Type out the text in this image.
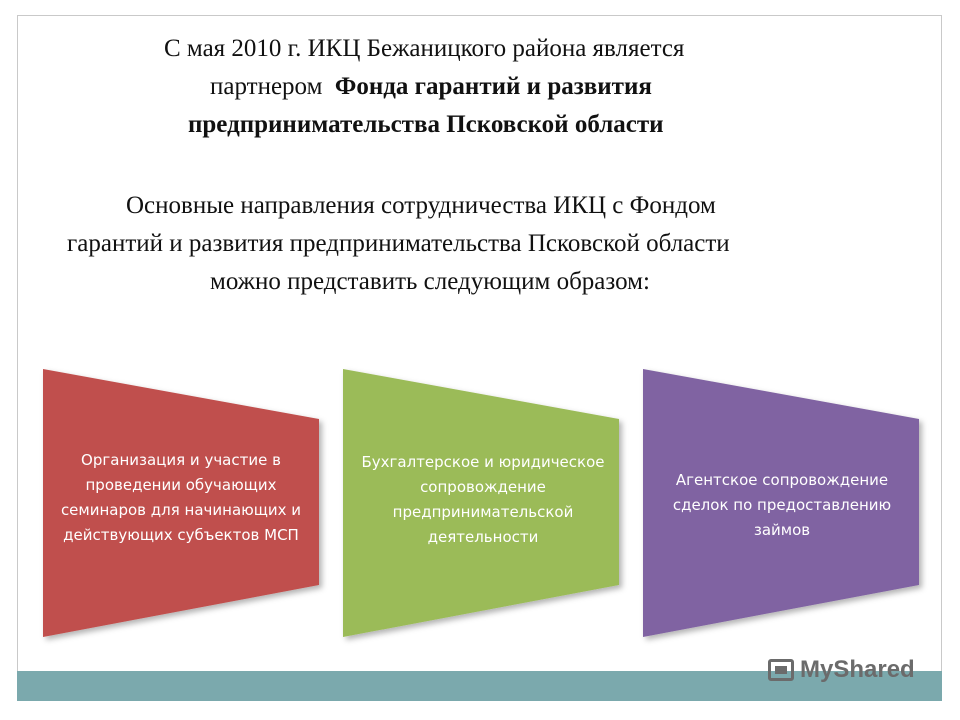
С мая 2010 г. ИКЦ Бежаницкого района является
партнером Фонда гарантий и развития
предпринимательства Псковской области
Основные направления сотрудничества ИКЦ с Фондом
гарантий и развития предпринимательства Псковской области
можно представить следующим образом:
Организация и участие в проведении обучающих семинаров для начинающих и действующих субъектов МСП
Бухгалтерское и юридическое сопровождение предпринимательской деятельности
Агентское сопровождение сделок по предоставлению займов
MyShared
